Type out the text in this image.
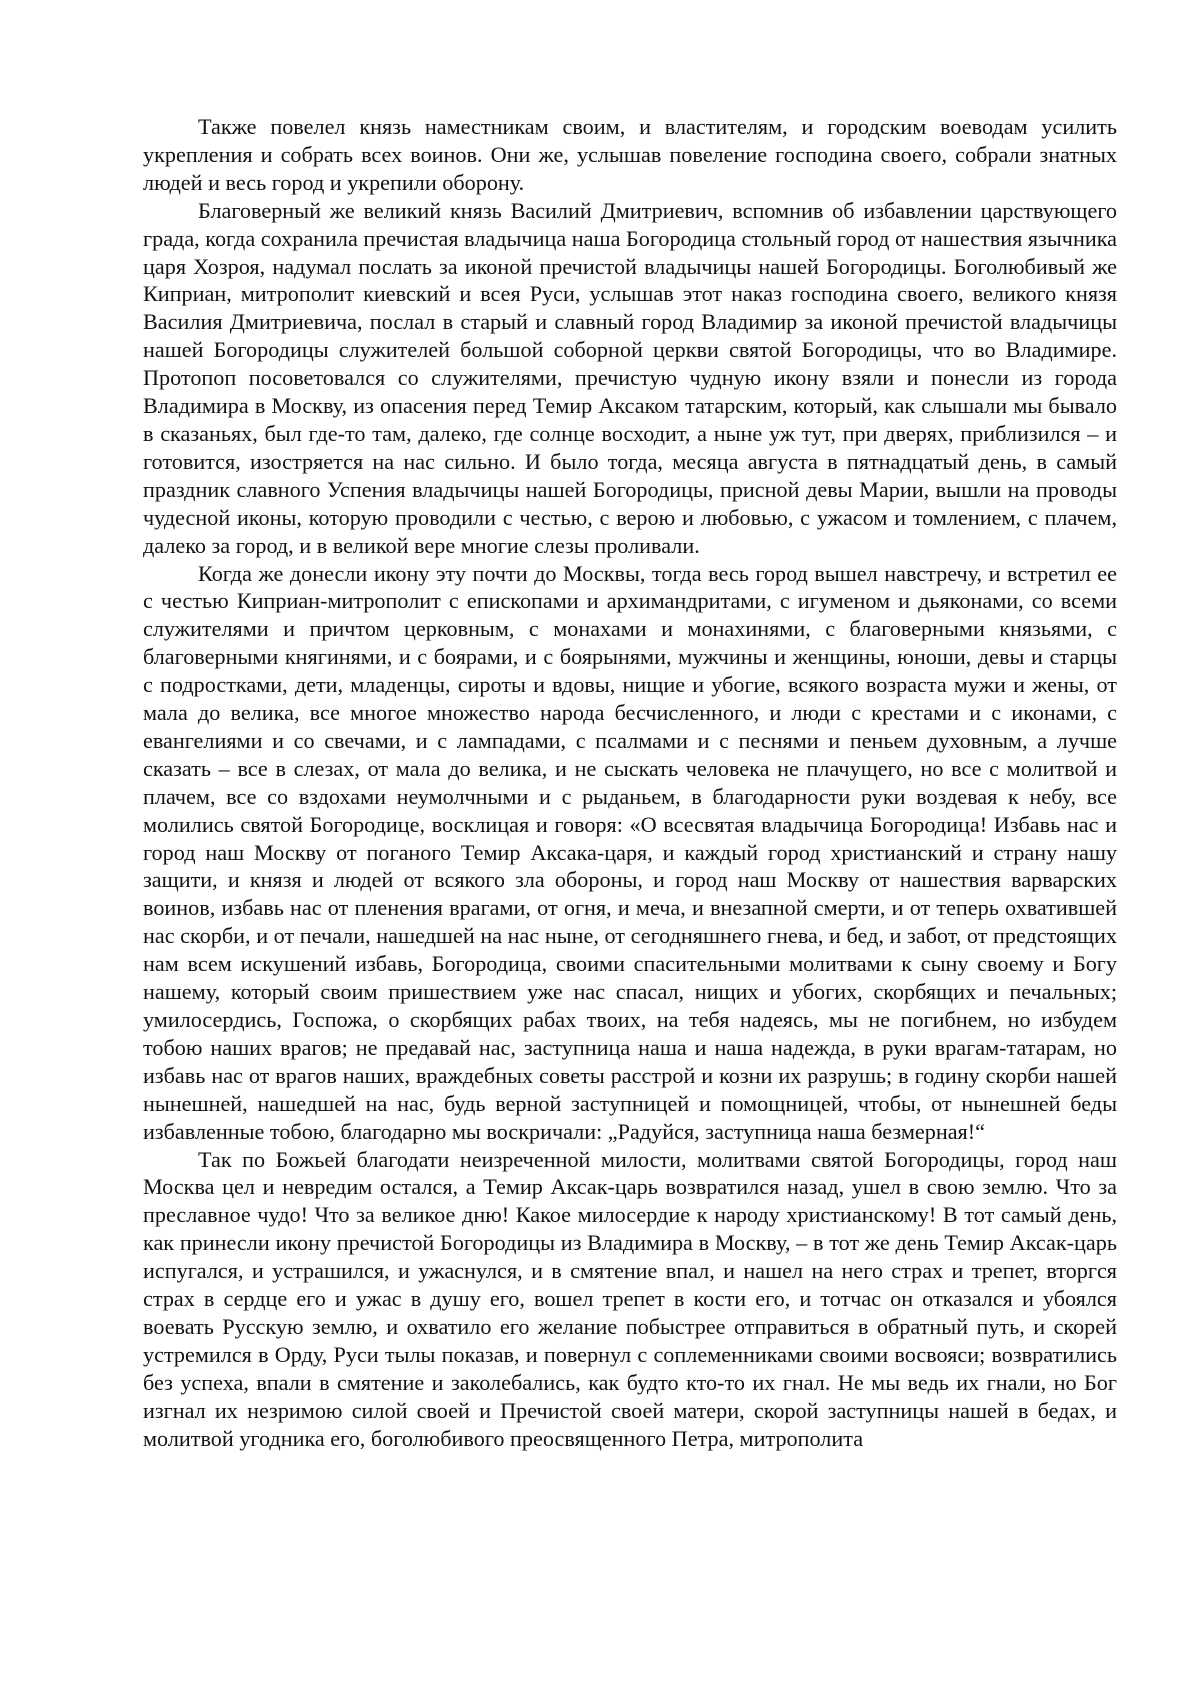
Также повелел князь наместникам своим, и властителям, и городским воеводам усилить укрепления и собрать всех воинов. Они же, услышав повеление господина своего, собрали знатных людей и весь город и укрепили оборону.

Благоверный же великий князь Василий Дмитриевич, вспомнив об избавлении царствующего града, когда сохранила пречистая владычица наша Богородица стольный город от нашествия язычника царя Хозроя, надумал послать за иконой пречистой владычицы нашей Богородицы. Боголюбивый же Киприан, митрополит киевский и всея Руси, услышав этот наказ господина своего, великого князя Василия Дмитриевича, послал в старый и славный город Владимир за иконой пречистой владычицы нашей Богородицы служителей большой соборной церкви святой Богородицы, что во Владимире. Протопоп посоветовался со служителями, пречистую чудную икону взяли и понесли из города Владимира в Москву, из опасения перед Темир Аксаком татарским, который, как слышали мы бывало в сказаньях, был где-то там, далеко, где солнце восходит, а ныне уж тут, при дверях, приблизился – и готовится, изостряется на нас сильно. И было тогда, месяца августа в пятнадцатый день, в самый праздник славного Успения владычицы нашей Богородицы, присной девы Марии, вышли на проводы чудесной иконы, которую проводили с честью, с верою и любовью, с ужасом и томлением, с плачем, далеко за город, и в великой вере многие слезы проливали.

Когда же донесли икону эту почти до Москвы, тогда весь город вышел навстречу, и встретил ее с честью Киприан-митрополит с епископами и архимандритами, с игуменом и дьяконами, со всеми служителями и причтом церковным, с монахами и монахинями, с благоверными князьями, с благоверными княгинями, и с боярами, и с боярынями, мужчины и женщины, юноши, девы и старцы с подростками, дети, младенцы, сироты и вдовы, нищие и убогие, всякого возраста мужи и жены, от мала до велика, все многое множество народа бесчисленного, и люди с крестами и с иконами, с евангелиями и со свечами, и с лампадами, с псалмами и с песнями и пеньем духовным, а лучше сказать – все в слезах, от мала до велика, и не сыскать человека не плачущего, но все с молитвой и плачем, все со вздохами неумолчными и с рыданьем, в благодарности руки воздевая к небу, все молились святой Богородице, восклицая и говоря: «О всесвятая владычица Богородица! Избавь нас и город наш Москву от поганого Темир Аксака-царя, и каждый город христианский и страну нашу защити, и князя и людей от всякого зла обороны, и город наш Москву от нашествия варварских воинов, избавь нас от пленения врагами, от огня, и меча, и внезапной смерти, и от теперь охватившей нас скорби, и от печали, нашедшей на нас ныне, от сегодняшнего гнева, и бед, и забот, от предстоящих нам всем искушений избавь, Богородица, своими спасительными молитвами к сыну своему и Богу нашему, который своим пришествием уже нас спасал, нищих и убогих, скорбящих и печальных; умилосердись, Госпожа, о скорбящих рабах твоих, на тебя надеясь, мы не погибнем, но избудем тобою наших врагов; не предавай нас, заступница наша и наша надежда, в руки врагам-татарам, но избавь нас от врагов наших, враждебных советы расстрой и козни их разрушь; в годину скорби нашей нынешней, нашедшей на нас, будь верной заступницей и помощницей, чтобы, от нынешней беды избавленные тобою, благодарно мы воскричали: „Радуйся, заступница наша безмерная!“

Так по Божьей благодати неизреченной милости, молитвами святой Богородицы, город наш Москва цел и невредим остался, а Темир Аксак-царь возвратился назад, ушел в свою землю. Что за преславное чудо! Что за великое дню! Какое милосердие к народу христианскому! В тот самый день, как принесли икону пречистой Богородицы из Владимира в Москву, – в тот же день Темир Аксак-царь испугался, и устрашился, и ужаснулся, и в смятение впал, и нашел на него страх и трепет, вторгся страх в сердце его и ужас в душу его, вошел трепет в кости его, и тотчас он отказался и убоялся воевать Русскую землю, и охватило его желание побыстрее отправиться в обратный путь, и скорей устремился в Орду, Руси тылы показав, и повернул с соплеменниками своими восвояси; возвратились без успеха, впали в смятение и заколебались, как будто кто-то их гнал. Не мы ведь их гнали, но Бог изгнал их незримою силой своей и Пречистой своей матери, скорой заступницы нашей в бедах, и молитвой угодника его, боголюбивого преосвященного Петра, митрополита
